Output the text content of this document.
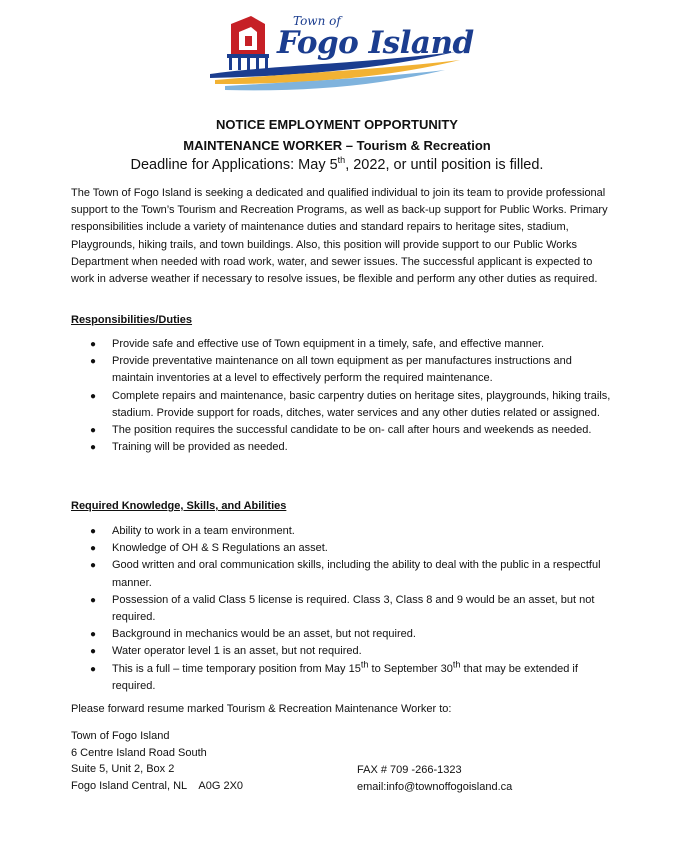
Town of
Fogo Island
NOTICE EMPLOYMENT OPPORTUNITY
MAINTENANCE WORKER – Tourism & Recreation
Deadline for Applications: May 5th, 2022, or until position is filled.
The Town of Fogo Island is seeking a dedicated and qualified individual to join its team to provide professional support to the Town’s Tourism and Recreation Programs, as well as back-up support for Public Works. Primary responsibilities include a variety of maintenance duties and standard repairs to heritage sites, stadium, Playgrounds, hiking trails, and town buildings. Also, this position will provide support to our Public Works Department when needed with road work, water, and sewer issues. The successful applicant is expected to work in adverse weather if necessary to resolve issues, be flexible and perform any other duties as required.
Responsibilities/Duties
● Provide safe and effective use of Town equipment in a timely, safe, and effective manner.
● Provide preventative maintenance on all town equipment as per manufactures instructions and maintain inventories at a level to effectively perform the required maintenance.
● Complete repairs and maintenance, basic carpentry duties on heritage sites, playgrounds, hiking trails, stadium. Provide support for roads, ditches, water services and any other duties related or assigned.
● The position requires the successful candidate to be on- call after hours and weekends as needed.
● Training will be provided as needed.
Required Knowledge, Skills, and Abilities
● Ability to work in a team environment.
● Knowledge of OH & S Regulations an asset.
● Good written and oral communication skills, including the ability to deal with the public in a respectful manner.
● Possession of a valid Class 5 license is required. Class 3, Class 8 and 9 would be an asset, but not required.
● Background in mechanics would be an asset, but not required.
● Water operator level 1 is an asset, but not required.
● This is a full – time temporary position from May 15th to September 30th that may be extended if required.
Please forward resume marked Tourism & Recreation Maintenance Worker to:
Town of Fogo Island
6 Centre Island Road South
Suite 5, Unit 2, Box 2
Fogo Island Central, NL    A0G 2X0
FAX # 709 -266-1323
email:info@townoffogoisland.ca
